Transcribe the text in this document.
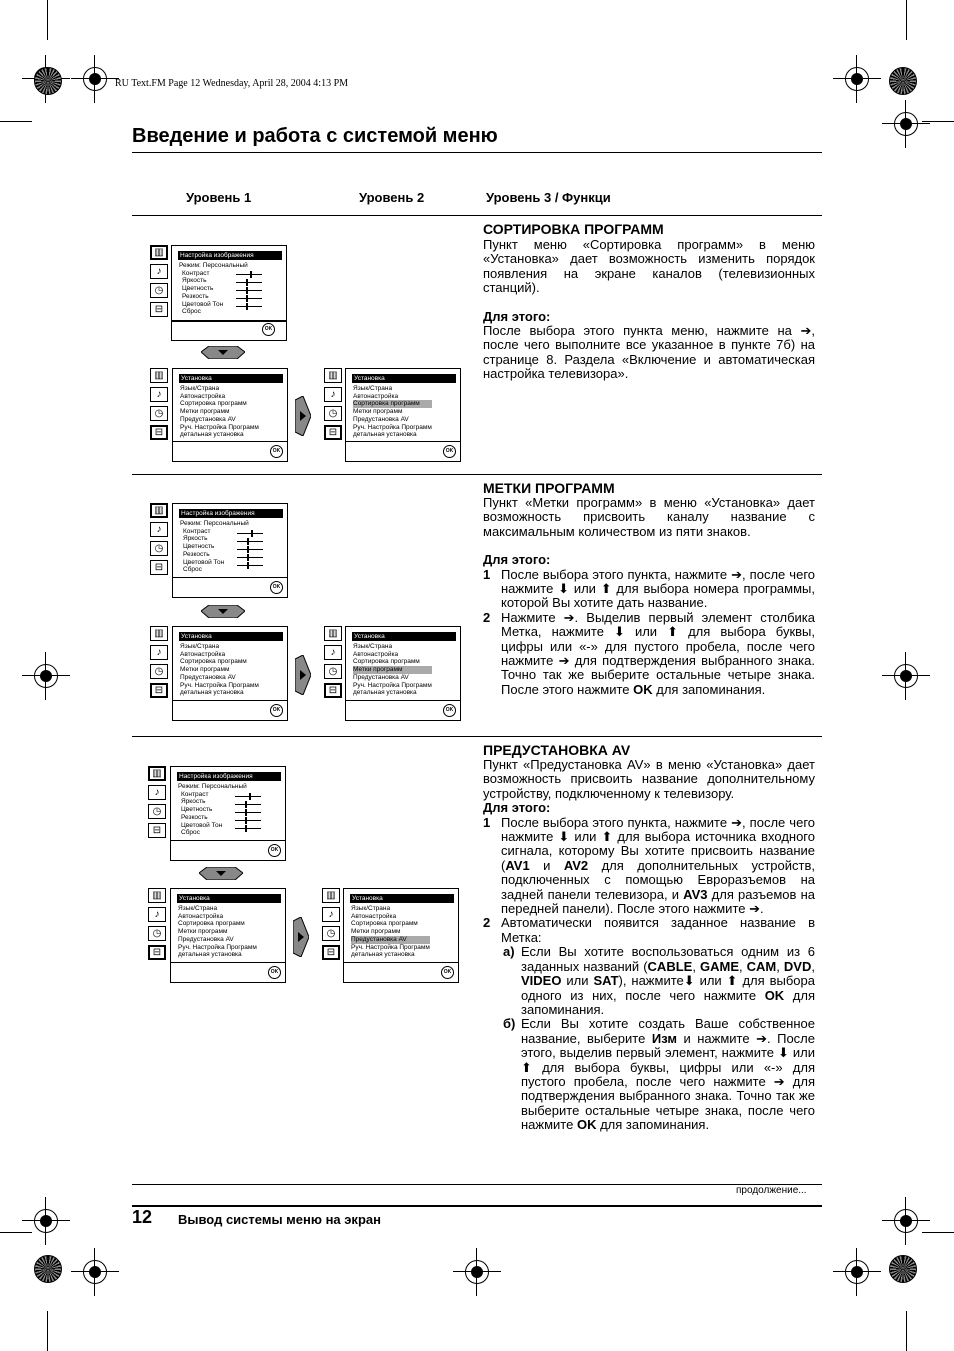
RU Text.FM Page 12 Wednesday, April 28, 2004 4:13 PM
Введение и работа с системой меню
Уровень 1	Уровень 2	Уровень 3 / Функци
▥
♪
◷
⊟
Настройка изображения
Режим: Персональный
Контраст
Яркость
Цветность
Резкость
Цветовой Тон
Сброс
OK
▥
♪
◷
⊟
Установка
Язык/Страна
Автонастройка
Сортировка программ
Метки программ
Предустановка AV
Руч. Настройка Программ
детальная установка
OK
▥
♪
◷
⊟
Установка
Язык/Страна
Автонастройка
Сортировка программ
Метки программ
Предустановка AV
Руч. Настройка Программ
детальная установка
OK
СОРТИРОВКА ПРОГРАММ
Пункт меню «Сортировка программ» в меню «Установка» дает возможность изменить порядок появления на экране каналов (телевизионных станций).
Для этого:
После выбора этого пункта меню, нажмите на ➔, после чего выполните все указанное в пункте 7б) на странице 8. Раздела «Включение и автоматическая настройка телевизора».
▥
♪
◷
⊟
Настройка изображения
Режим: Персональный
Контраст
Яркость
Цветность
Резкость
Цветовой Тон
Сброс
OK
▥
♪
◷
⊟
Установка
Язык/Страна
Автонастройка
Сортировка программ
Метки программ
Предустановка AV
Руч. Настройка Программ
детальная установка
OK
▥
♪
◷
⊟
Установка
Язык/Страна
Автонастройка
Сортировка программ
Метки программ
Предустановка AV
Руч. Настройка Программ
детальная установка
OK
МЕТКИ ПРОГРАММ
Пункт «Метки программ» в меню «Установка» дает возможность присвоить каналу название с максимальным количеством из пяти знаков.
Для этого:
1 После выбора этого пункта, нажмите ➔, после чего нажмите ⬇ или ⬆ для выбора номера программы, которой Вы хотите дать название.
2 Нажмите ➔. Выделив первый элемент столбика Метка, нажмите ⬇ или ⬆ для выбора буквы, цифры или «-» для пустого пробела, после чего нажмите ➔ для подтверждения выбранного знака. Точно так же выберите остальные четыре знака. После этого нажмите OK для запоминания.
▥
♪
◷
⊟
Настройка изображения
Режим: Персональный
Контраст
Яркость
Цветность
Резкость
Цветовой Тон
Сброс
OK
▥
♪
◷
⊟
Установка
Язык/Страна
Автонастройка
Сортировка программ
Метки программ
Предустановка AV
Руч. Настройка Программ
детальная установка
OK
▥
♪
◷
⊟
Установка
Язык/Страна
Автонастройка
Сортировка программ
Метки программ
Предустановка AV
Руч. Настройка Программ
детальная установка
OK
ПРЕДУСТАНОВКА AV
Пункт «Предустановка AV» в меню «Установка» дает возможность присвоить название дополнительному устройству, подключенному к телевизору.
Для этого:
1 После выбора этого пункта, нажмите ➔, после чего нажмите ⬇ или ⬆ для выбора источника входного сигнала, которому Вы хотите присвоить название (AV1 и AV2 для дополнительных устройств, подключенных с помощью Евроразъемов на задней панели телевизора, и AV3 для разъемов на передней панели). После этого нажмите ➔.
2 Автоматически появится заданное название в Метка:
а) Если Вы хотите воспользоваться одним из 6 заданных названий (CABLE, GAME, CAM, DVD, VIDEO или SAT), нажмите⬇ или ⬆ для выбора одного из них, после чего нажмите OK для запоминания.
б) Если Вы хотите создать Ваше собственное название, выберите Изм и нажмите ➔. После этого, выделив первый элемент, нажмите ⬇ или ⬆ для выбора буквы, цифры или «-» для пустого пробела, после чего нажмите ➔ для подтверждения выбранного знака. Точно так же выберите остальные четыре знака, после чего нажмите OK для запоминания.
продолжение...
12 Вывод системы меню на экран
